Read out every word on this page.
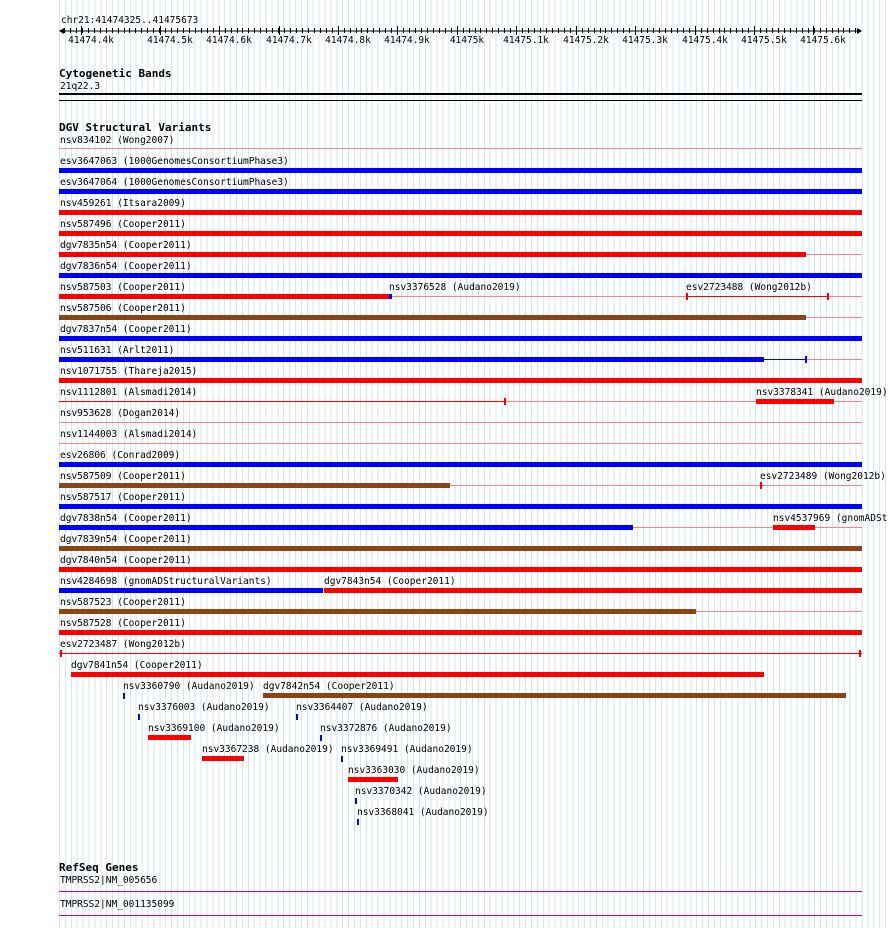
chr21:41474325..41475673
41474.4k	41474.5k 41474.6k 41474.7k 41474.8k 41474.9k 41475k 41475.1k 41475.2k 41475.3k 41475.4k 41475.5k 41475.6k
Cytogenetic Bands
21q22.3
DGV Structural Variants
nsv834102 (Wong2007)
esv3647063 (1000GenomesConsortiumPhase3)
esv3647064 (1000GenomesConsortiumPhase3)
nsv459261 (Itsara2009)
nsv587496 (Cooper2011)
dgv7835n54 (Cooper2011)
dgv7836n54 (Cooper2011)
nsv587503 (Cooper2011)	nsv3376528 (Audano2019)	esv2723488 (Wong2012b)
nsv587506 (Cooper2011)
dgv7837n54 (Cooper2011)
nsv511631 (Arlt2011)
nsv1071755 (Thareja2015)
nsv1112801 (Alsmadi2014)	nsv3378341 (Audano2019)
nsv953628 (Dogan2014)
nsv1144003 (Alsmadi2014)
esv26806 (Conrad2009)
nsv587509 (Cooper2011)	esv2723489 (Wong2012b)
nsv587517 (Cooper2011)
dgv7838n54 (Cooper2011)	nsv4537969 (gnomADSt
dgv7839n54 (Cooper2011)
dgv7840n54 (Cooper2011)
nsv4284698 (gnomADStructuralVariants)	dgv7843n54 (Cooper2011)
nsv587523 (Cooper2011)
nsv587528 (Cooper2011)
esv2723487 (Wong2012b)
dgv7841n54 (Cooper2011)
nsv3360790 (Audano2019) dgv7842n54 (Cooper2011)
nsv3376003 (Audano2019)	nsv3364407 (Audano2019)
nsv3369100 (Audano2019)	nsv3372876 (Audano2019)
nsv3367238 (Audano2019) nsv3369491 (Audano2019)
nsv3363030 (Audano2019)
nsv3370342 (Audano2019)
nsv3368041 (Audano2019)
RefSeq Genes
TMPRSS2|NM_005656
TMPRSS2|NM_001135099
